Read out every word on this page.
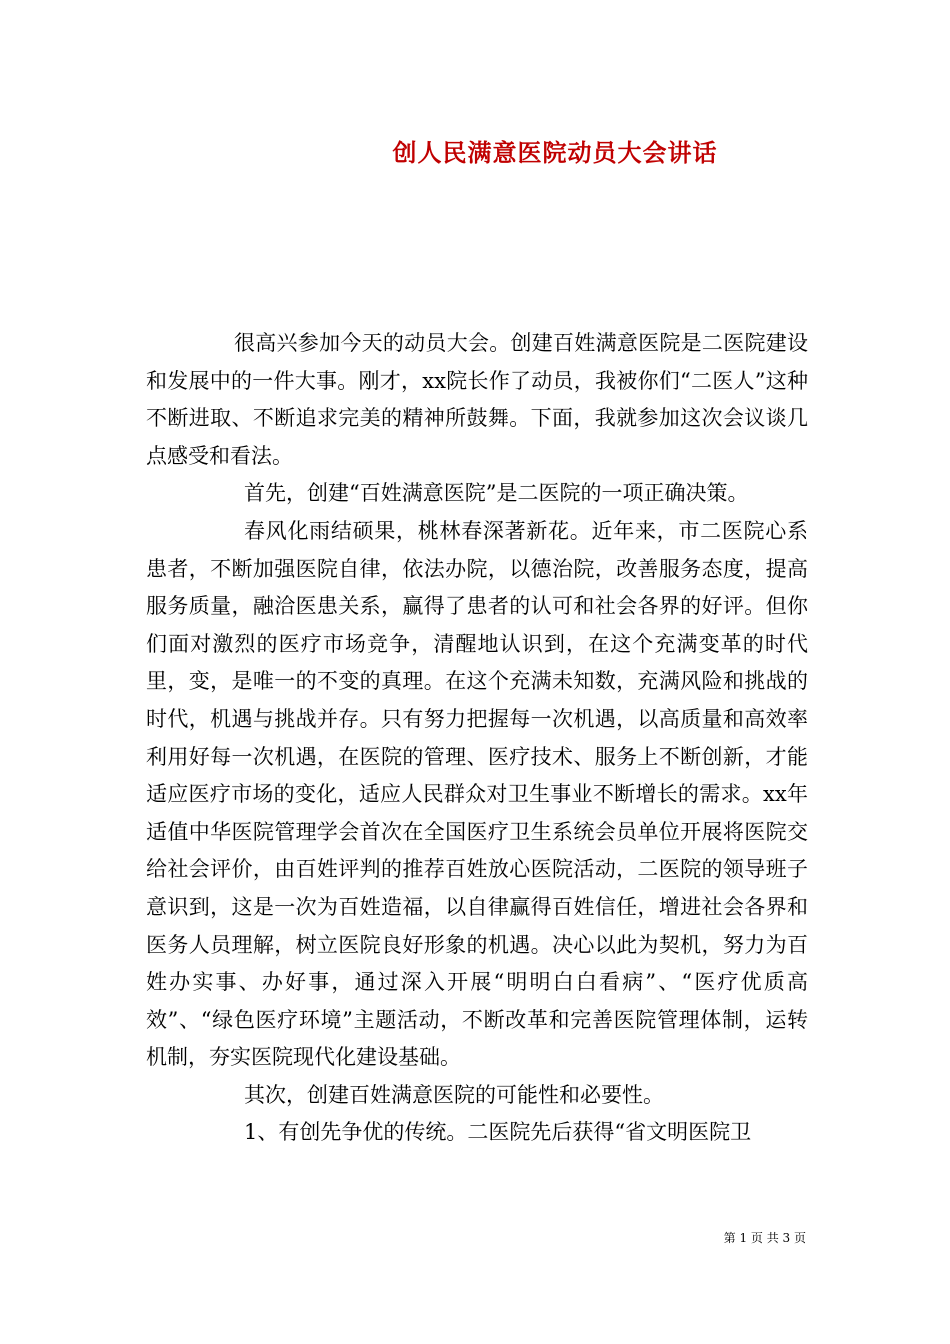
创人民满意医院动员大会讲话

很高兴参加今天的动员大会。创建百姓满意医院是二医院建设和发展中的一件大事。刚才，xx院长作了动员，我被你们“二医人”这种不断进取、不断追求完美的精神所鼓舞。下面，我就参加这次会议谈几点感受和看法。

首先，创建“百姓满意医院”是二医院的一项正确决策。

春风化雨结硕果，桃林春深著新花。近年来，市二医院心系患者，不断加强医院自律，依法办院，以德治院，改善服务态度，提高服务质量，融洽医患关系，赢得了患者的认可和社会各界的好评。但你们面对激烈的医疗市场竞争，清醒地认识到，在这个充满变革的时代里，变，是唯一的不变的真理。在这个充满未知数，充满风险和挑战的时代，机遇与挑战并存。只有努力把握每一次机遇，以高质量和高效率利用好每一次机遇，在医院的管理、医疗技术、服务上不断创新，才能适应医疗市场的变化，适应人民群众对卫生事业不断增长的需求。xx年适值中华医院管理学会首次在全国医疗卫生系统会员单位开展将医院交给社会评价，由百姓评判的推荐百姓放心医院活动，二医院的领导班子意识到，这是一次为百姓造福，以自律赢得百姓信任，增进社会各界和医务人员理解，树立医院良好形象的机遇。决心以此为契机，努力为百姓办实事、办好事，通过深入开展“明明白白看病”、“医疗优质高效”、“绿色医疗环境”主题活动，不断改革和完善医院管理体制，运转机制，夯实医院现代化建设基础。

其次，创建百姓满意医院的可能性和必要性。

1、有创先争优的传统。二医院先后获得“省文明医院卫

第 1 页 共 3 页
